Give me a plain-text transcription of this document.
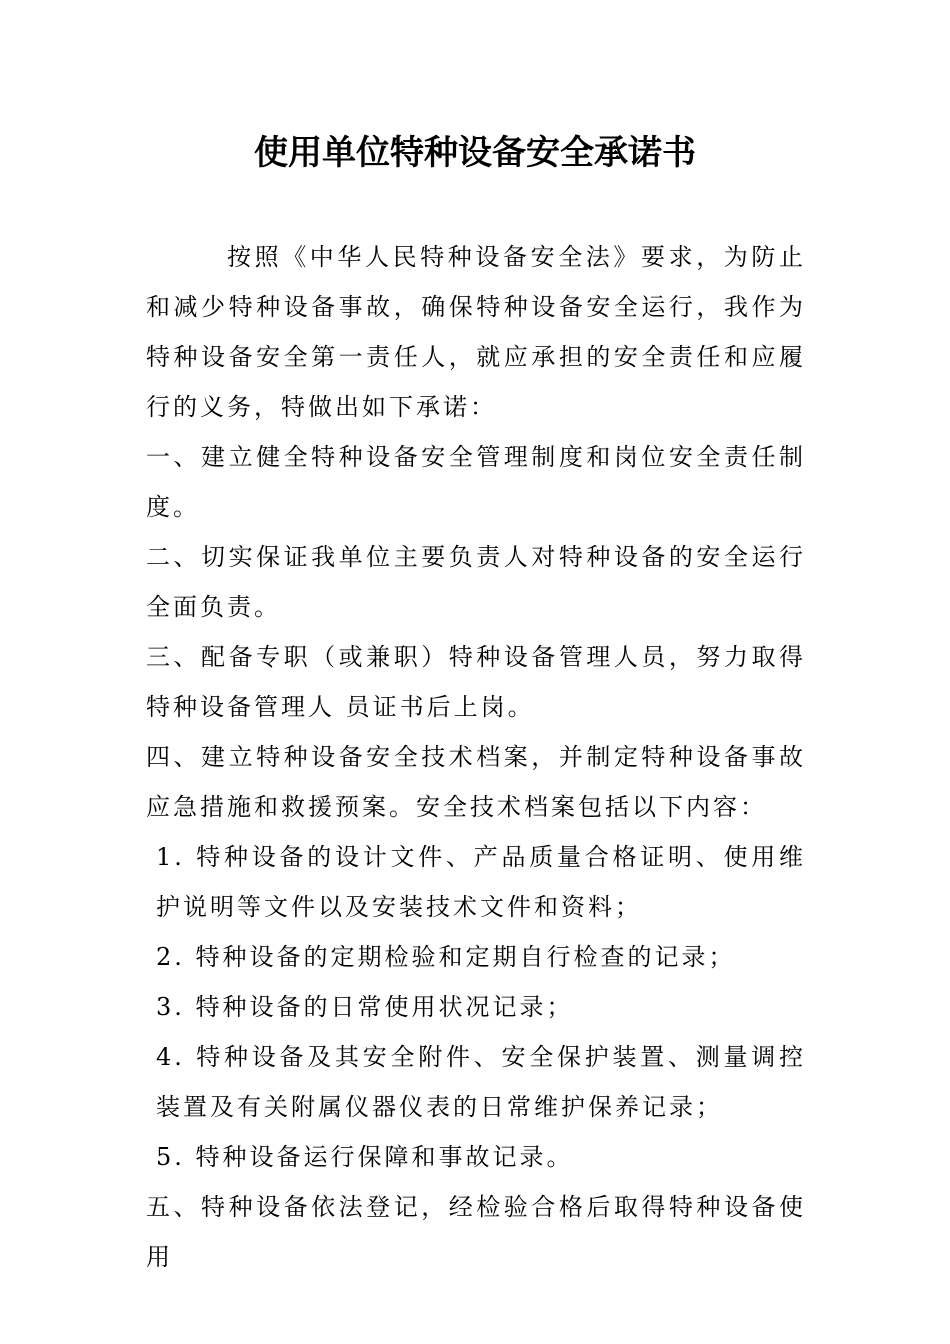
使用单位特种设备安全承诺书

按照《中华人民特种设备安全法》要求，为防止和减少特种设备事故，确保特种设备安全运行，我作为特种设备安全第一责任人，就应承担的安全责任和应履行的义务，特做出如下承诺：

一、建立健全特种设备安全管理制度和岗位安全责任制度。

二、切实保证我单位主要负责人对特种设备的安全运行全面负责。

三、配备专职（或兼职）特种设备管理人员，努力取得特种设备管理人 员证书后上岗。

四、建立特种设备安全技术档案，并制定特种设备事故应急措施和救援预案。安全技术档案包括以下内容：

1. 特种设备的设计文件、产品质量合格证明、使用维护说明等文件以及安装技术文件和资料；

2. 特种设备的定期检验和定期自行检查的记录；

3. 特种设备的日常使用状况记录；

4. 特种设备及其安全附件、安全保护装置、测量调控装置及有关附属仪器仪表的日常维护保养记录；

5. 特种设备运行保障和事故记录。

五、特种设备依法登记，经检验合格后取得特种设备使用
